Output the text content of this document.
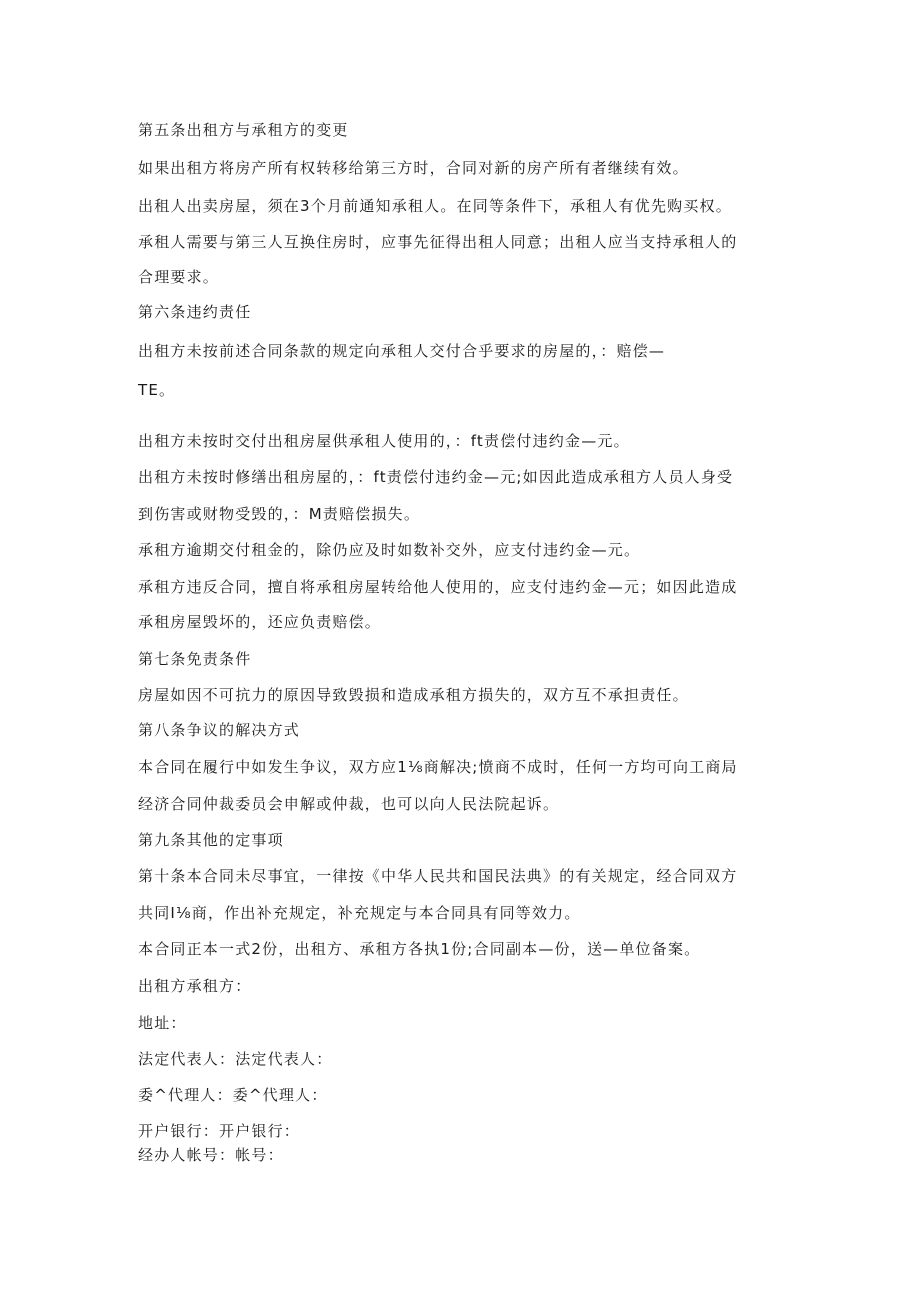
第五条出租方与承租方的变更

如果出租方将房产所有权转移给第三方时，合同对新的房产所有者继续有效。

出租人出卖房屋，须在3个月前通知承租人。在同等条件下，承租人有优先购买权。

承租人需要与第三人互换住房时，应事先征得出租人同意；出租人应当支持承租人的

合理要求。

第六条违约责任

出租方未按前述合同条款的规定向承租人交付合乎要求的房屋的，：赔偿—

TE。

出租方未按时交付出租房屋供承租人使用的，：ft责偿付违约金—元。

出租方未按时修缮出租房屋的，：ft责偿付违约金—元;如因此造成承租方人员人身受

到伤害或财物受毁的，：M责赔偿损失。

承租方逾期交付租金的，除仍应及时如数补交外，应支付违约金—元。

承租方违反合同，擅自将承租房屋转给他人使用的，应支付违约金—元；如因此造成

承租房屋毁坏的，还应负责赔偿。

第七条免责条件

房屋如因不可抗力的原因导致毁损和造成承租方损失的，双方互不承担责任。

第八条争议的解决方式

本合同在履行中如发生争议，双方应1⅛商解决;愤商不成时，任何一方均可向工商局

经济合同仲裁委员会申解或仲裁，也可以向人民法院起诉。

第九条其他的定事项

第十条本合同未尽事宜，一律按《中华人民共和国民法典》的有关规定，经合同双方

共同I⅛商，作出补充规定，补充规定与本合同具有同等效力。

本合同正本一式2份，出租方、承租方各执1份;合同副本—份，送—单位备案。

出租方承租方：

地址：

法定代表人：法定代表人：

委^代理人：委^代理人：

开户银行：开户银行：

经办人帐号：帐号：
